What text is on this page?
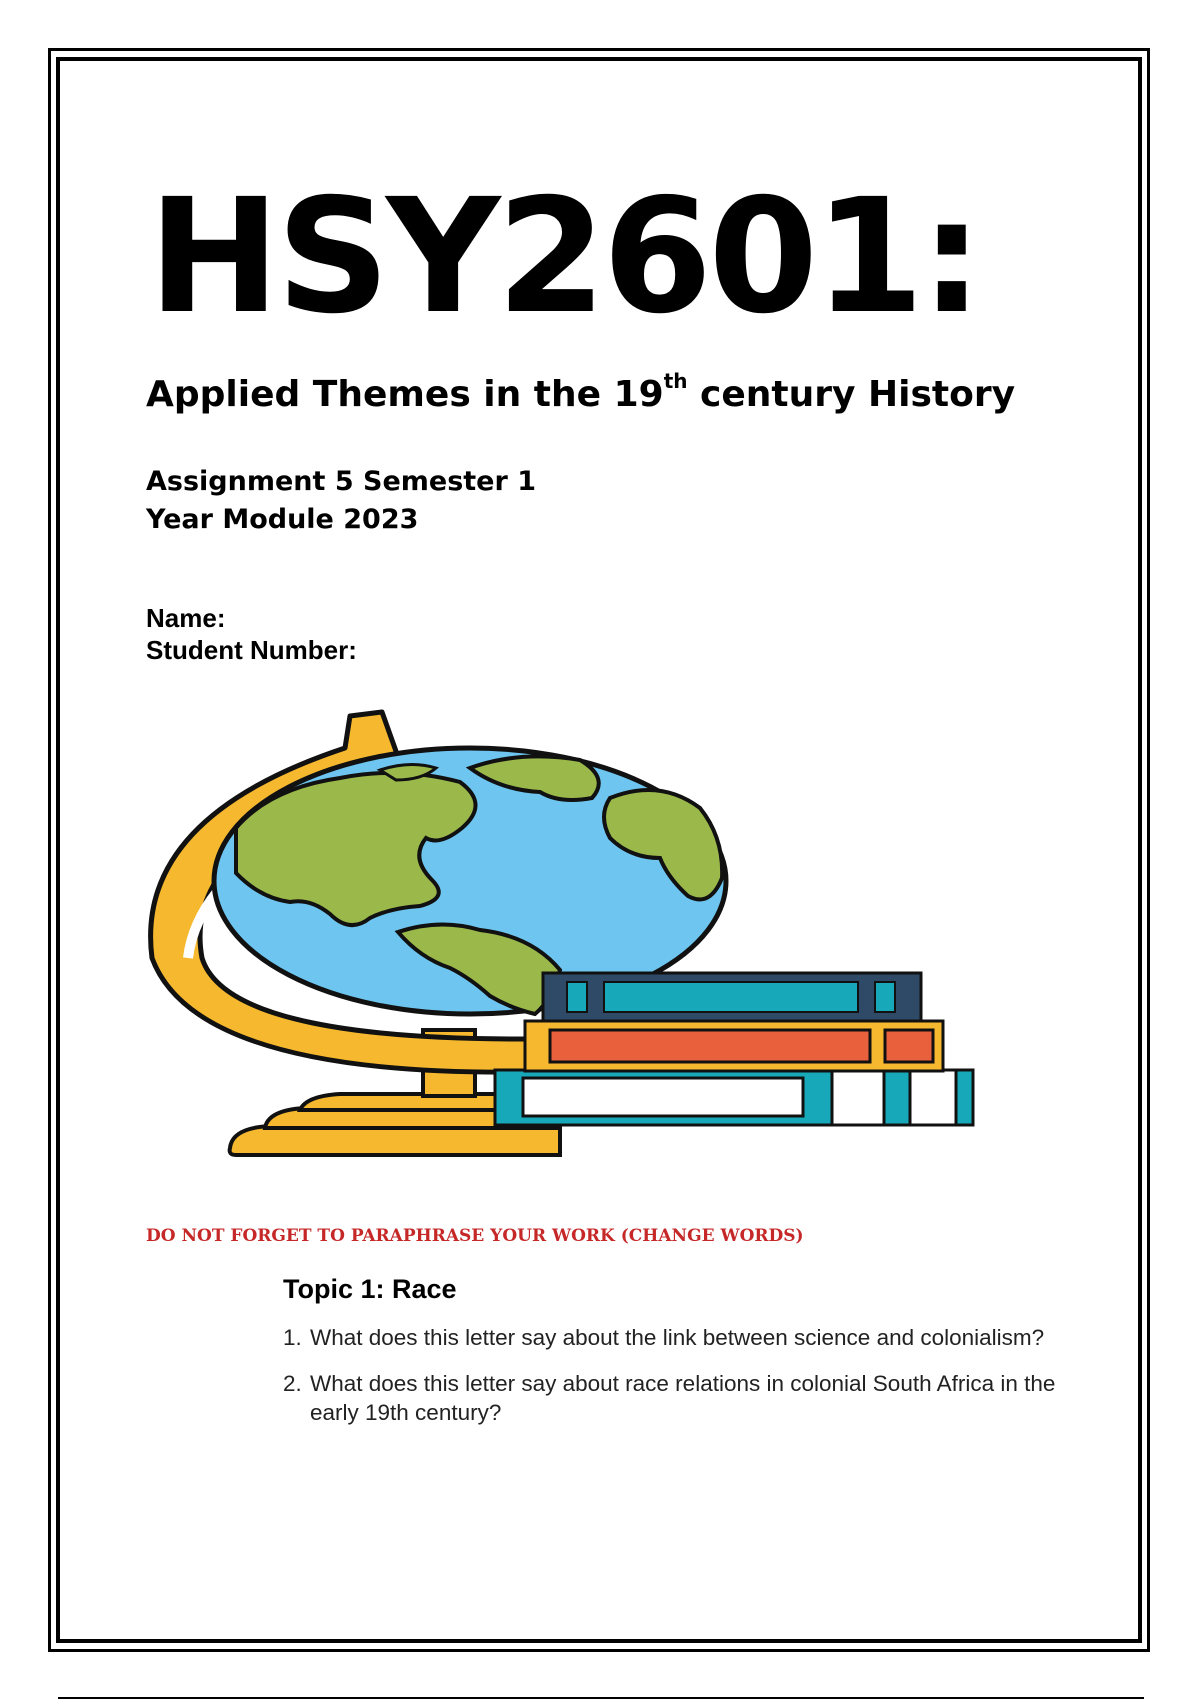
HSY2601:
Applied Themes in the 19th century History
Assignment 5 Semester 1
Year Module 2023
Name:
Student Number:
DO NOT FORGET TO PARAPHRASE YOUR WORK (CHANGE WORDS)
Topic 1: Race
1. What does this letter say about the link between science and colonialism?
2. What does this letter say about race relations in colonial South Africa in the early 19th century?
